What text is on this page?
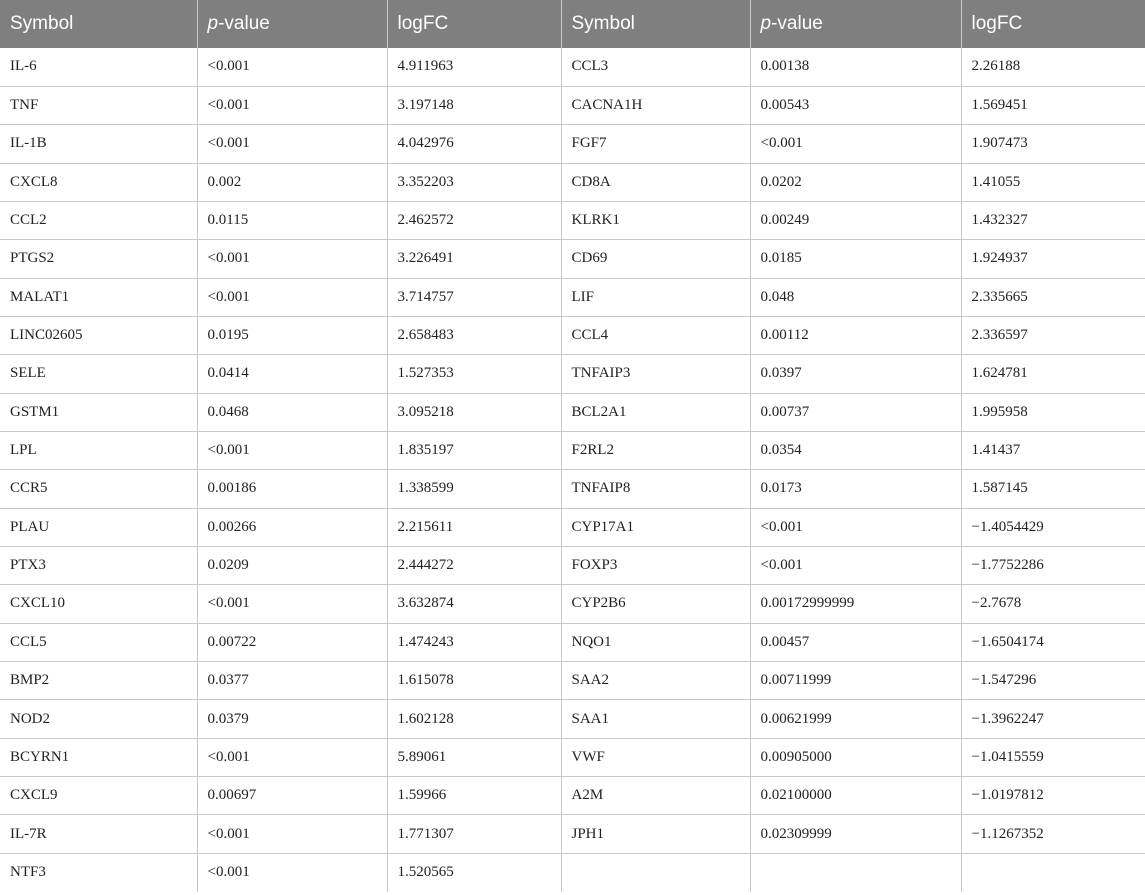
Symbol	p-value	logFC	Symbol	p-value	logFC
IL-6	<0.001	4.911963	CCL3	0.00138	2.26188
TNF	<0.001	3.197148	CACNA1H	0.00543	1.569451
IL-1B	<0.001	4.042976	FGF7	<0.001	1.907473
CXCL8	0.002	3.352203	CD8A	0.0202	1.41055
CCL2	0.0115	2.462572	KLRK1	0.00249	1.432327
PTGS2	<0.001	3.226491	CD69	0.0185	1.924937
MALAT1	<0.001	3.714757	LIF	0.048	2.335665
LINC02605	0.0195	2.658483	CCL4	0.00112	2.336597
SELE	0.0414	1.527353	TNFAIP3	0.0397	1.624781
GSTM1	0.0468	3.095218	BCL2A1	0.00737	1.995958
LPL	<0.001	1.835197	F2RL2	0.0354	1.41437
CCR5	0.00186	1.338599	TNFAIP8	0.0173	1.587145
PLAU	0.00266	2.215611	CYP17A1	<0.001	−1.4054429
PTX3	0.0209	2.444272	FOXP3	<0.001	−1.7752286
CXCL10	<0.001	3.632874	CYP2B6	0.00172999999	−2.7678
CCL5	0.00722	1.474243	NQO1	0.00457	−1.6504174
BMP2	0.0377	1.615078	SAA2	0.00711999	−1.547296
NOD2	0.0379	1.602128	SAA1	0.00621999	−1.3962247
BCYRN1	<0.001	5.89061	VWF	0.00905000	−1.0415559
CXCL9	0.00697	1.59966	A2M	0.02100000	−1.0197812
IL-7R	<0.001	1.771307	JPH1	0.02309999	−1.1267352
NTF3	<0.001	1.520565			
